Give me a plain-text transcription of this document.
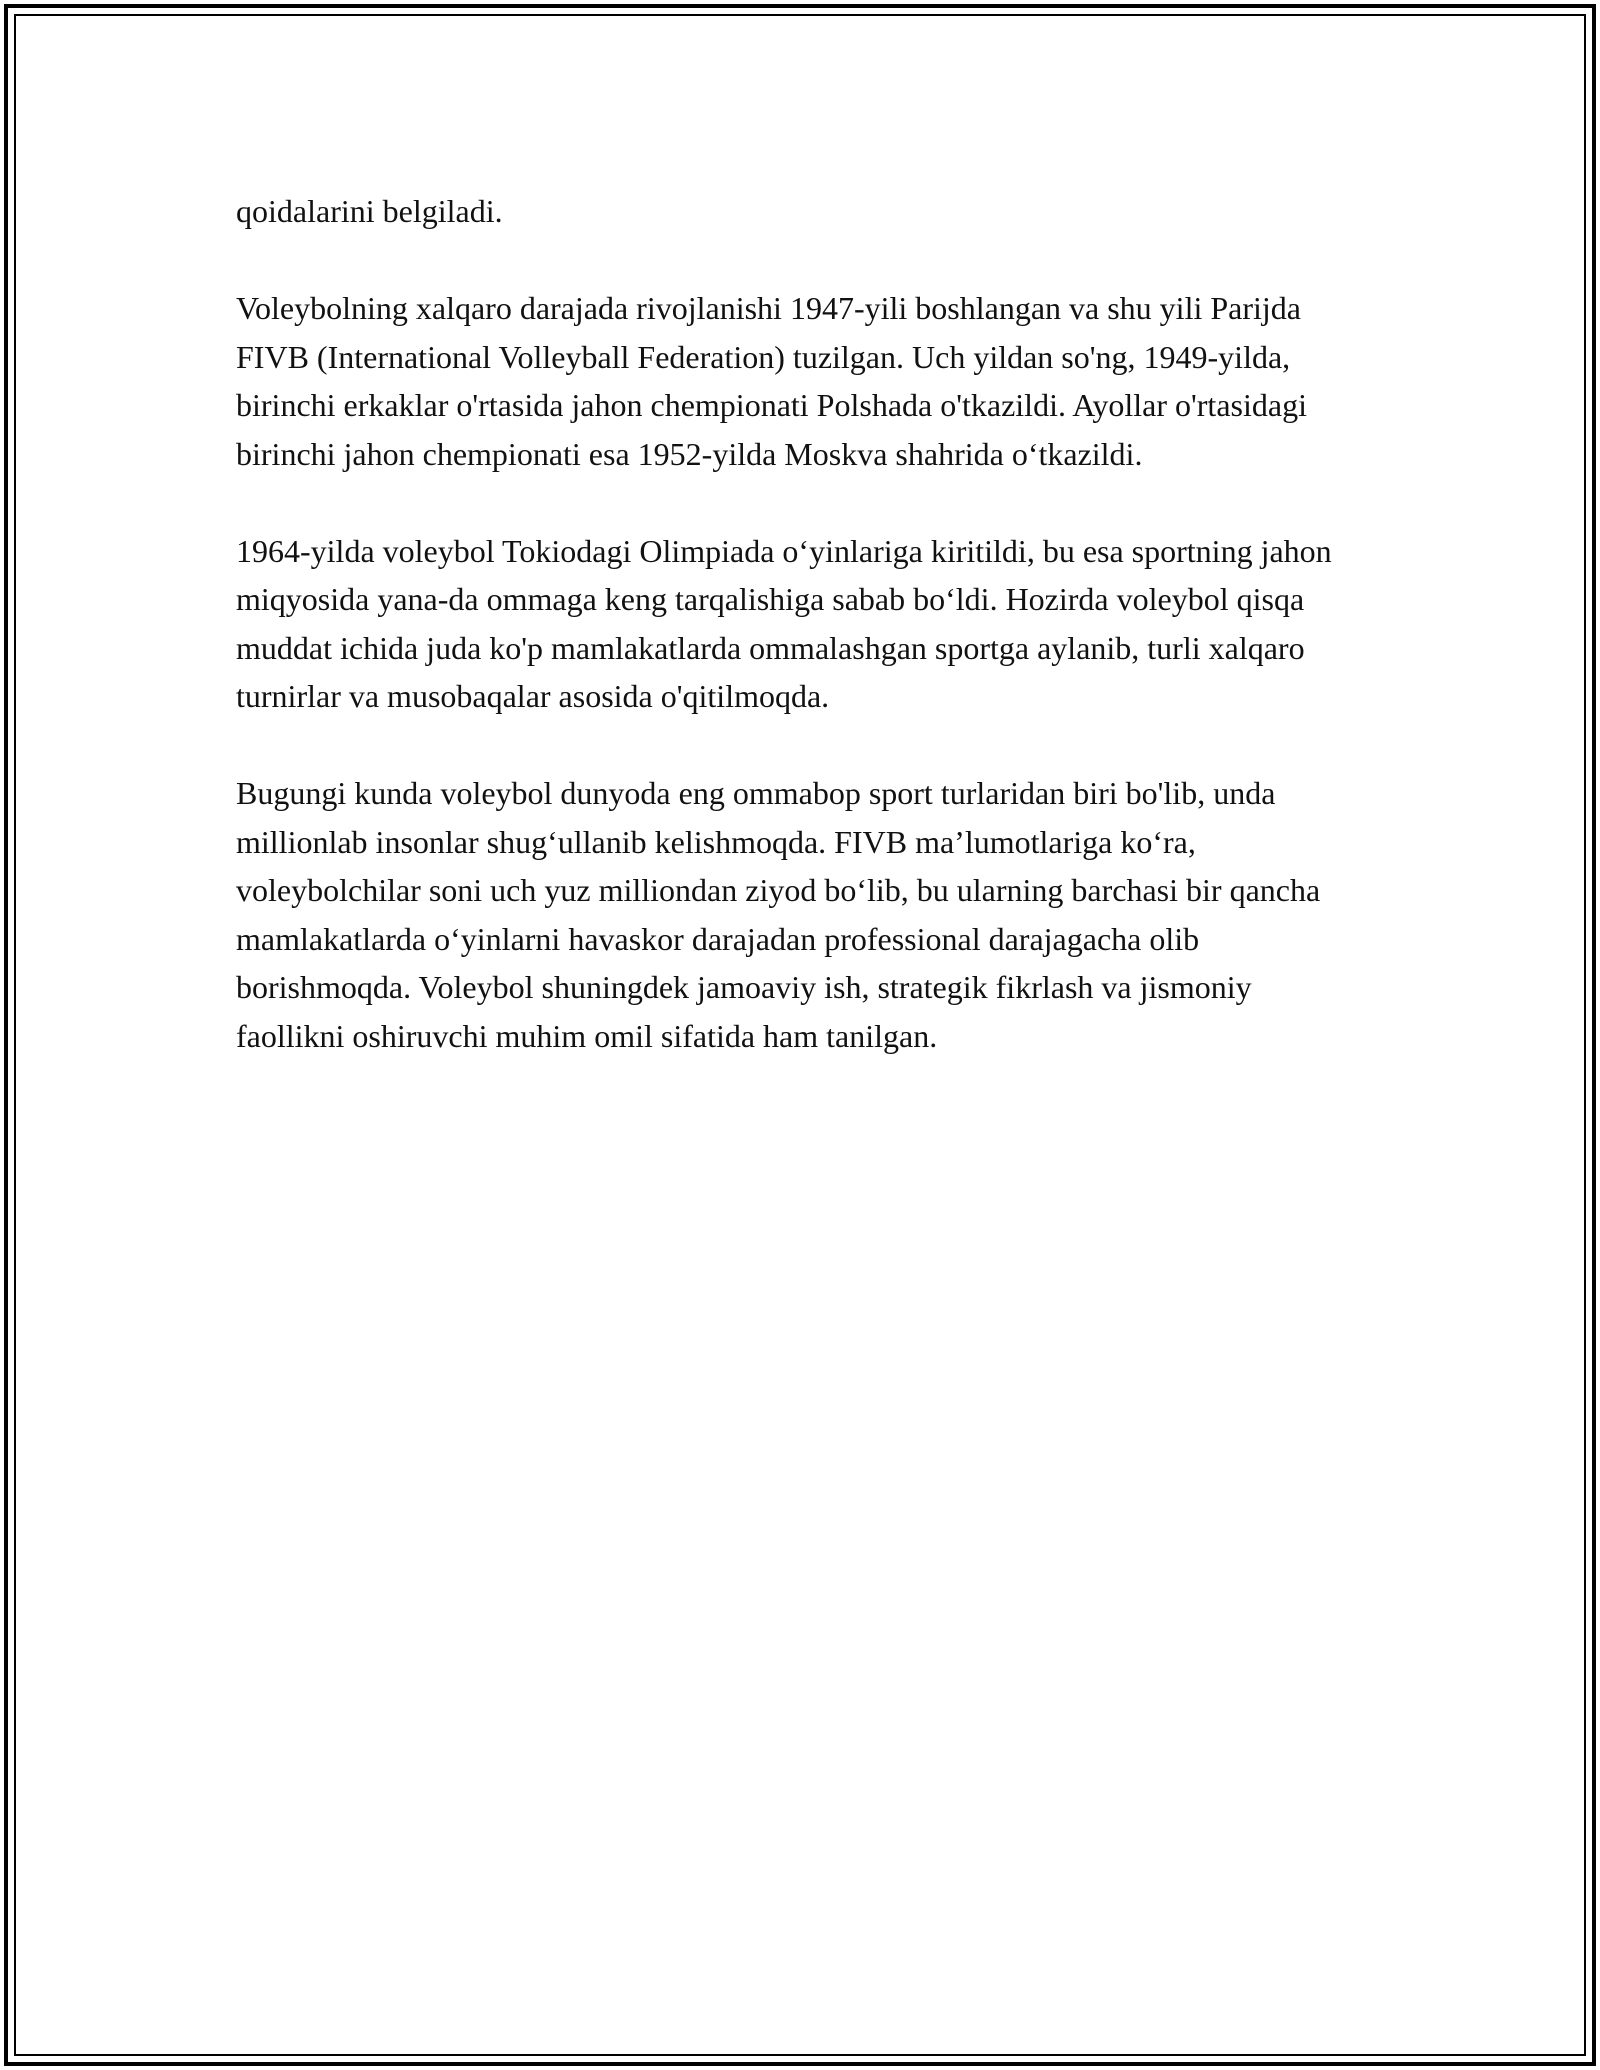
qoidalarini belgiladi.

Voleybolning xalqaro darajada rivojlanishi 1947-yili boshlangan va shu yili Parijda FIVB (International Volleyball Federation) tuzilgan. Uch yildan so'ng, 1949-yilda, birinchi erkaklar o'rtasida jahon chempionati Polshada o'tkazildi. Ayollar o'rtasidagi birinchi jahon chempionati esa 1952-yilda Moskva shahrida o‘tkazildi.

1964-yilda voleybol Tokiodagi Olimpiada o‘yinlariga kiritildi, bu esa sportning jahon miqyosida yana-da ommaga keng tarqalishiga sabab bo‘ldi. Hozirda voleybol qisqa muddat ichida juda ko'p mamlakatlarda ommalashgan sportga aylanib, turli xalqaro turnirlar va musobaqalar asosida o'qitilmoqda.

Bugungi kunda voleybol dunyoda eng ommabop sport turlaridan biri bo'lib, unda millionlab insonlar shug‘ullanib kelishmoqda. FIVB ma’lumotlariga ko‘ra, voleybolchilar soni uch yuz milliondan ziyod bo‘lib, bu ularning barchasi bir qancha mamlakatlarda o‘yinlarni havaskor darajadan professional darajagacha olib borishmoqda. Voleybol shuningdek jamoaviy ish, strategik fikrlash va jismoniy faollikni oshiruvchi muhim omil sifatida ham tanilgan.
